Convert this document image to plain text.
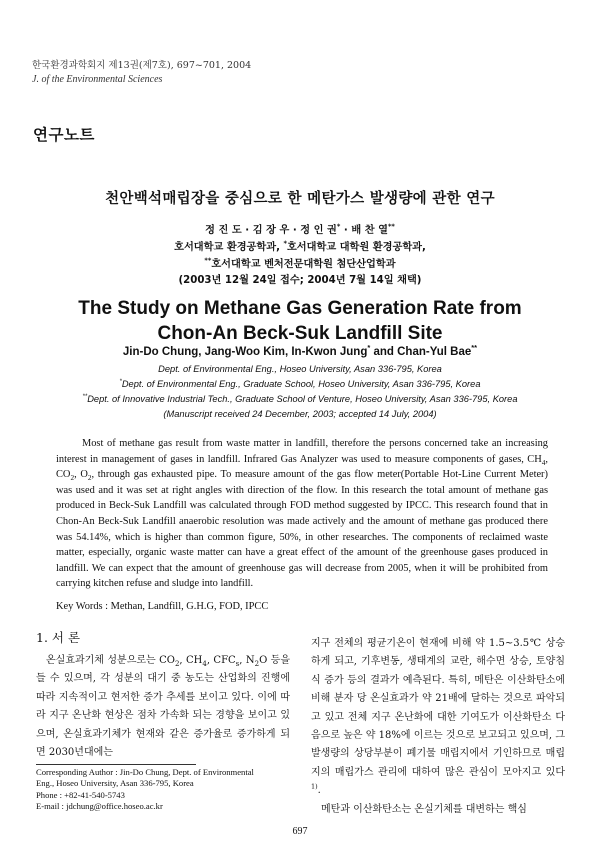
한국환경과학회지 제13권(제7호), 697~701, 2004
J. of the Environmental Sciences
연구노트
천안백석매립장을 중심으로 한 메탄가스 발생량에 관한 연구
정 진 도 · 김 장 우 · 정 인 권* · 배 찬 열**
호서대학교 환경공학과, *호서대학교 대학원 환경공학과,
**호서대학교 벤처전문대학원 첨단산업학과
(2003년 12월 24일 접수; 2004년 7월 14일 채택)
The Study on Methane Gas Generation Rate from
Chon-An Beck-Suk Landfill Site
Jin-Do Chung, Jang-Woo Kim, In-Kwon Jung* and Chan-Yul Bae**
Dept. of Environmental Eng., Hoseo University, Asan 336-795, Korea
*Dept. of Environmental Eng., Graduate School, Hoseo University, Asan 336-795, Korea
**Dept. of Innovative Industrial Tech., Graduate School of Venture, Hoseo University, Asan 336-795, Korea
(Manuscript received 24 December, 2003; accepted 14 July, 2004)

Most of methane gas result from waste matter in landfill, therefore the persons concerned take an increasing interest in management of gases in landfill. Infrared Gas Analyzer was used to measure components of gases, $CH_4$, $CO_2$, $O_2$, through gas exhausted pipe. To measure amount of the gas flow meter(Portable Hot-Line Current Meter) was used and it was set at right angles with direction of the flow. In this research the total amount of methane gas produced in Beck-Suk Landfill was calculated through FOD method suggested by IPCC. This research found that in Chon-An Beck-Suk Landfill anaerobic resolution was made actively and the amount of methane gas produced there was 54.14%, which is higher than common figure, 50%, in other researches. The components of reclaimed waste matter, especially, organic waste matter can have a great effect of the amount of the greenhouse gases produced in landfill. We can expect that the amount of greenhouse gas will decrease from 2005, when it will be prohibited from carrying kitchen refuse and sludge into landfill.

Key Words : Methan, Landfill, G.H.G, FOD, IPCC
1. 서 론

온실효과기체 성분으로는 $CO_2$, $CH_4$, $CFC_s$, $N_2O$ 등을 들 수 있으며, 각 성분의 대기 중 농도는 산업화의 진행에 따라 지속적이고 현저한 증가 추세를 보이고 있다. 이에 따라 지구 온난화 현상은 점차 가속화 되는 경향을 보이고 있으며, 온실효과기체가 현재와 같은 증가율로 증가하게 되면 2030년대에는

지구 전체의 평균기온이 현재에 비해 약 1.5~3.5℃ 상승하게 되고, 기후변동, 생태계의 교란, 해수면 상승, 토양침식 증가 등의 결과가 예측된다. 특히, 메탄은 이산화탄소에 비해 분자 당 온실효과가 약 21배에 달하는 것으로 파악되고 있고 전체 지구 온난화에 대한 기여도가 이산화탄소 다음으로 높은 약 18%에 이르는 것으로 보고되고 있으며, 그 발생량의 상당부분이 폐기물 매립지에서 기인하므로 매립지의 매립가스 관리에 대하여 많은 관심이 모아지고 있다$^{1)}$.

메탄과 이산화탄소는 온실기체를 대변하는 핵심

Corresponding Author : Jin-Do Chung, Dept. of Environmental
Eng., Hoseo University, Asan 336-795, Korea
Phone : +82-41-540-5743
E-mail : jdchung@office.hoseo.ac.kr
697
